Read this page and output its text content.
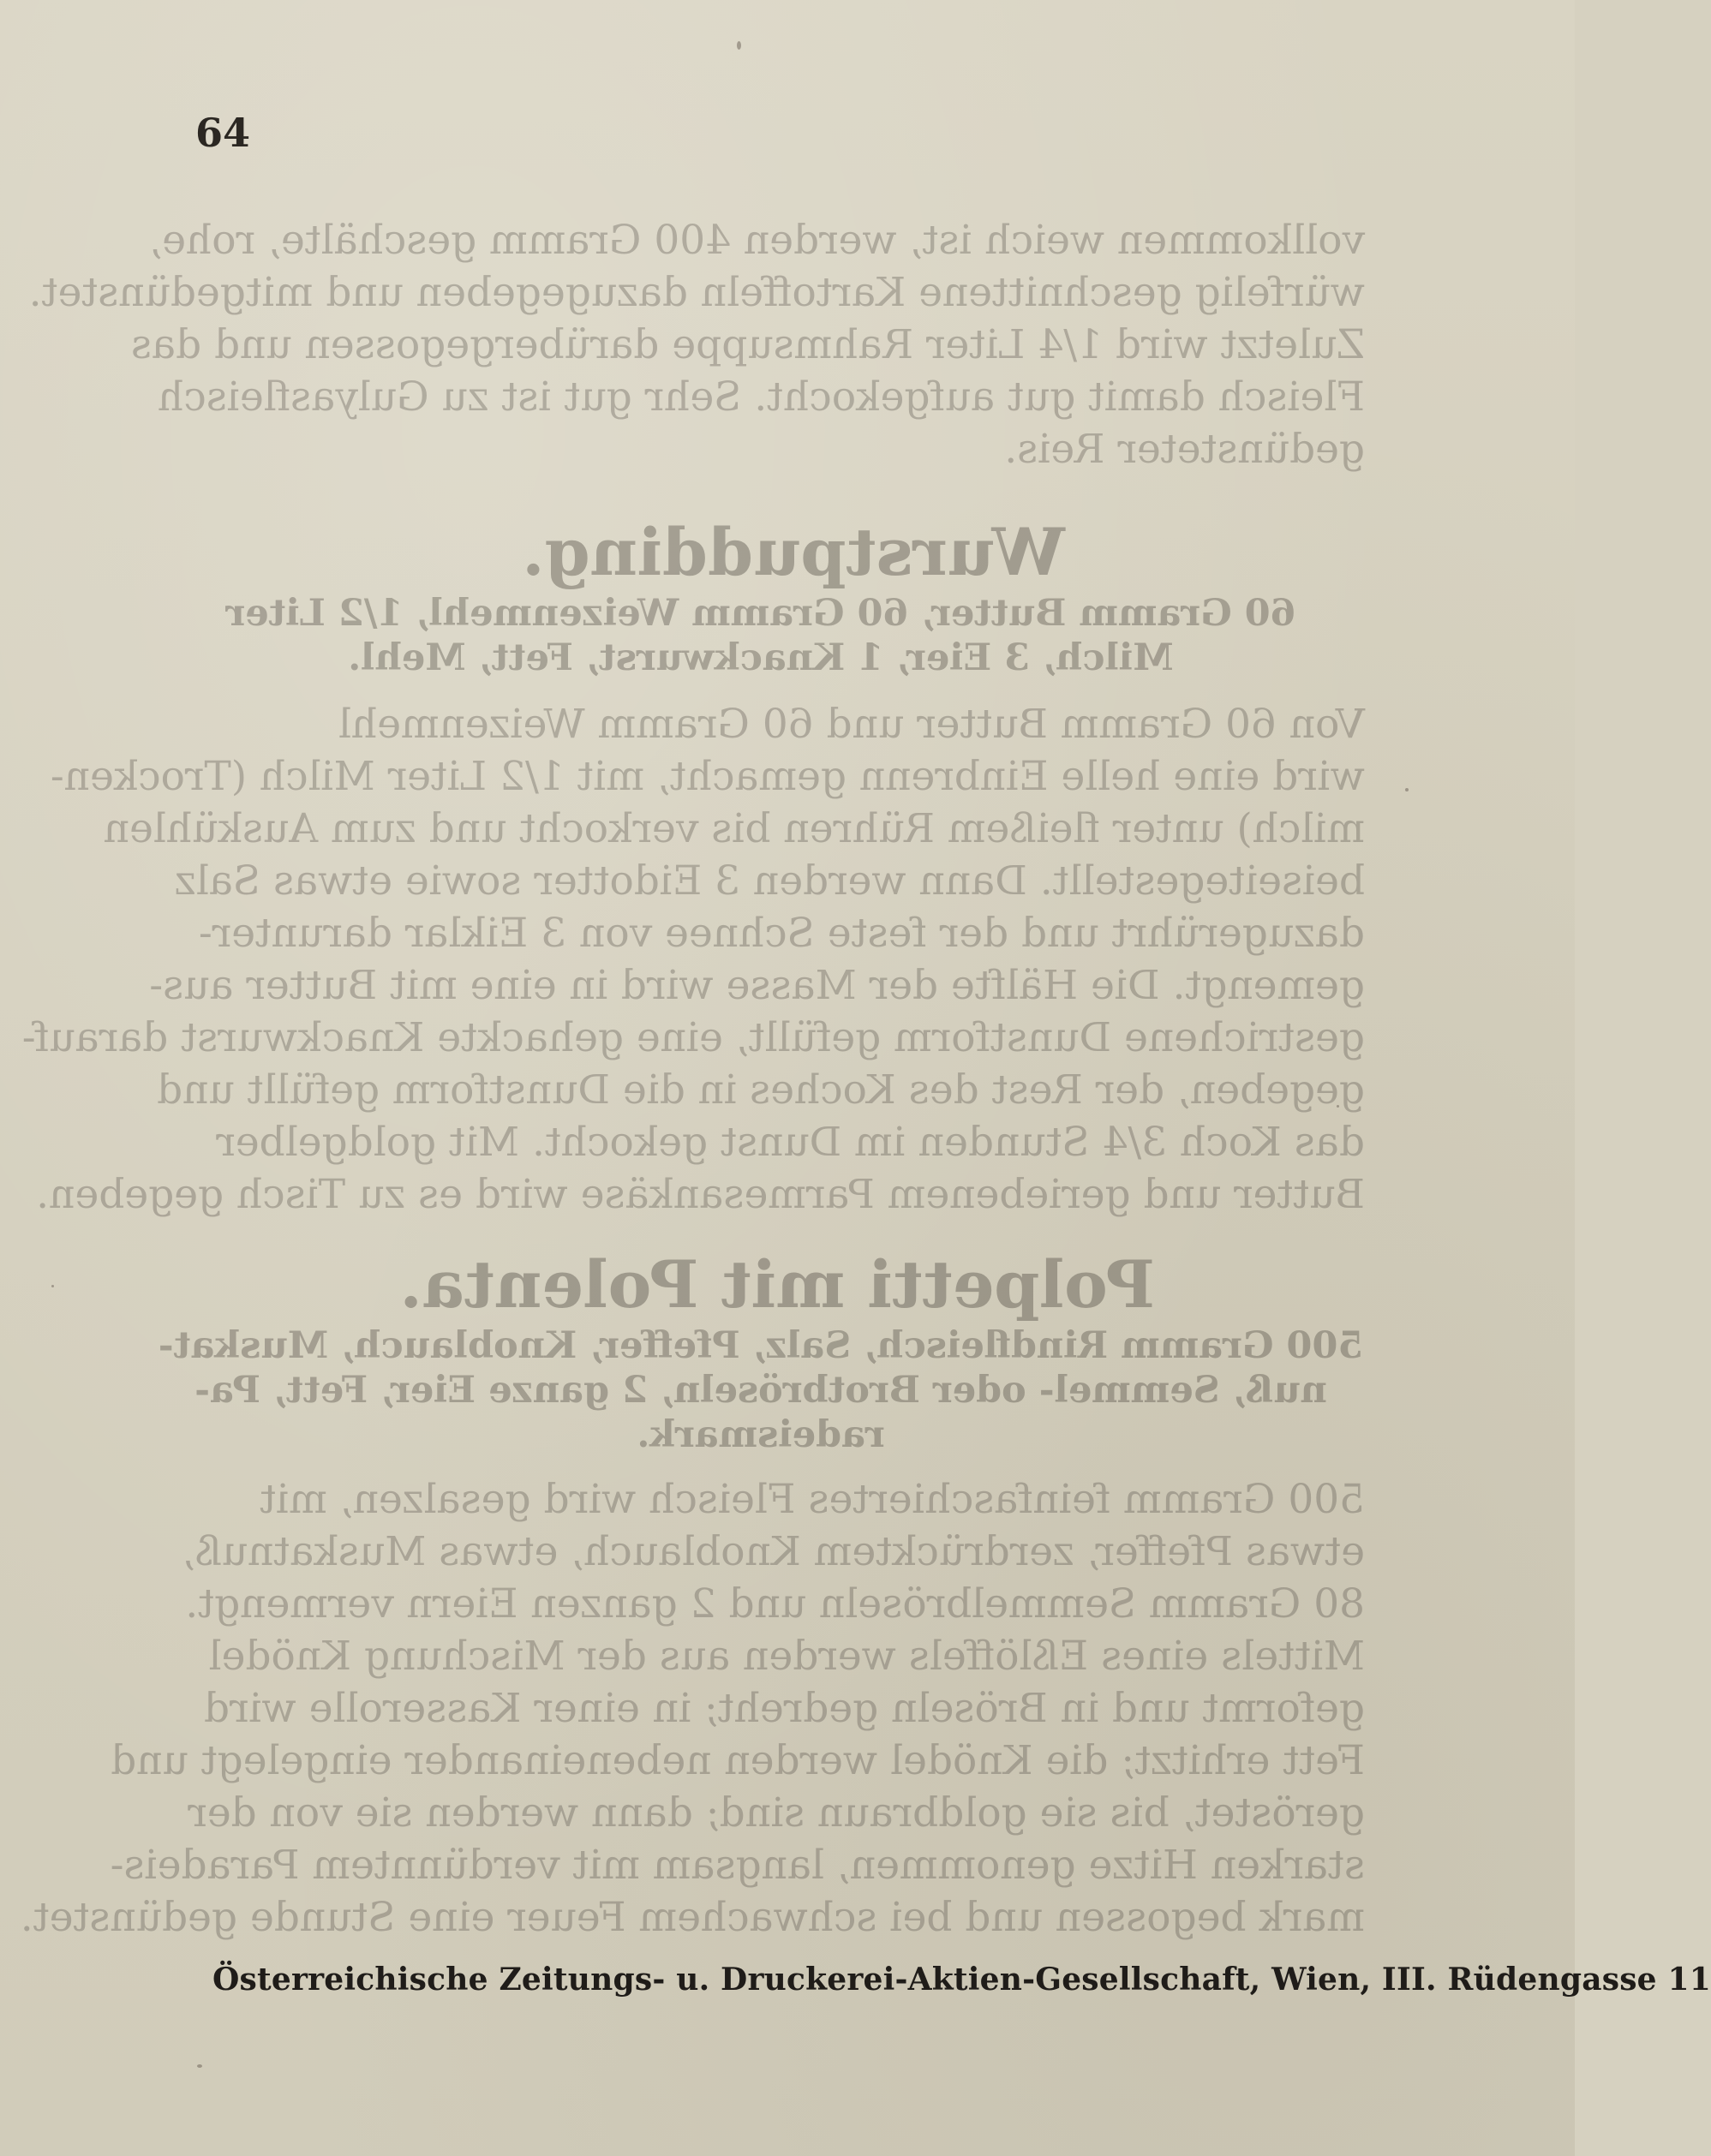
vollkommen weich ist, werden 400 Gramm geschälte, rohe,
würfelig geschnittene Kartoffeln dazugegeben und mitgedünstet.
Zuletzt wird 1/4 Liter Rahmsuppe darübergegossen und das
Fleisch damit gut aufgekocht. Sehr gut ist zu Gulyasfleisch
gedünsteter Reis.
Wurstpudding.
60 Gramm Butter, 60 Gramm Weizenmehl, 1/2 Liter
Milch, 3 Eier, 1 Knackwurst, Fett, Mehl.
Von 60 Gramm Butter und 60 Gramm Weizenmehl
wird eine helle Einbrenn gemacht, mit 1/2 Liter Milch (Trocken-
milch) unter fleißem Rühren bis verkocht und zum Auskühlen
beiseitegestellt. Dann werden 3 Eidotter sowie etwas Salz
dazugerührt und der feste Schnee von 3 Eiklar darunter-
gemengt. Die Hälfte der Masse wird in eine mit Butter aus-
gestrichene Dunstform gefüllt, eine gehackte Knackwurst darauf-
gegeben, der Rest des Koches in die Dunstform gefüllt und
das Koch 3/4 Stunden im Dunst gekocht. Mit goldgelber
Butter und geriebenem Parmesankäse wird es zu Tisch gegeben.
Polpetti mit Polenta.
500 Gramm Rindfleisch, Salz, Pfeffer, Knoblauch, Muskat-
nuß, Semmel- oder Brotbröseln, 2 ganze Eier, Fett, Pa-
radeismark.
500 Gramm feinfaschiertes Fleisch wird gesalzen, mit
etwas Pfeffer, zerdrücktem Knoblauch, etwas Muskatnuß,
80 Gramm Semmelbröseln und 2 ganzen Eiern vermengt.
Mittels eines Eßlöffels werden aus der Mischung Knödel
geformt und in Bröseln gedreht; in einer Kasserolle wird
Fett erhitzt; die Knödel werden nebeneinander eingelegt und
geröstet, bis sie goldbraun sind; dann werden sie von der
starken Hitze genommen, langsam mit verdünntem Paradeis-
mark begossen und bei schwachem Feuer eine Stunde gedünstet.
64
Österreichische Zeitungs- u. Druckerei-Aktien-Gesellschaft, Wien, III. Rüdengasse 11
